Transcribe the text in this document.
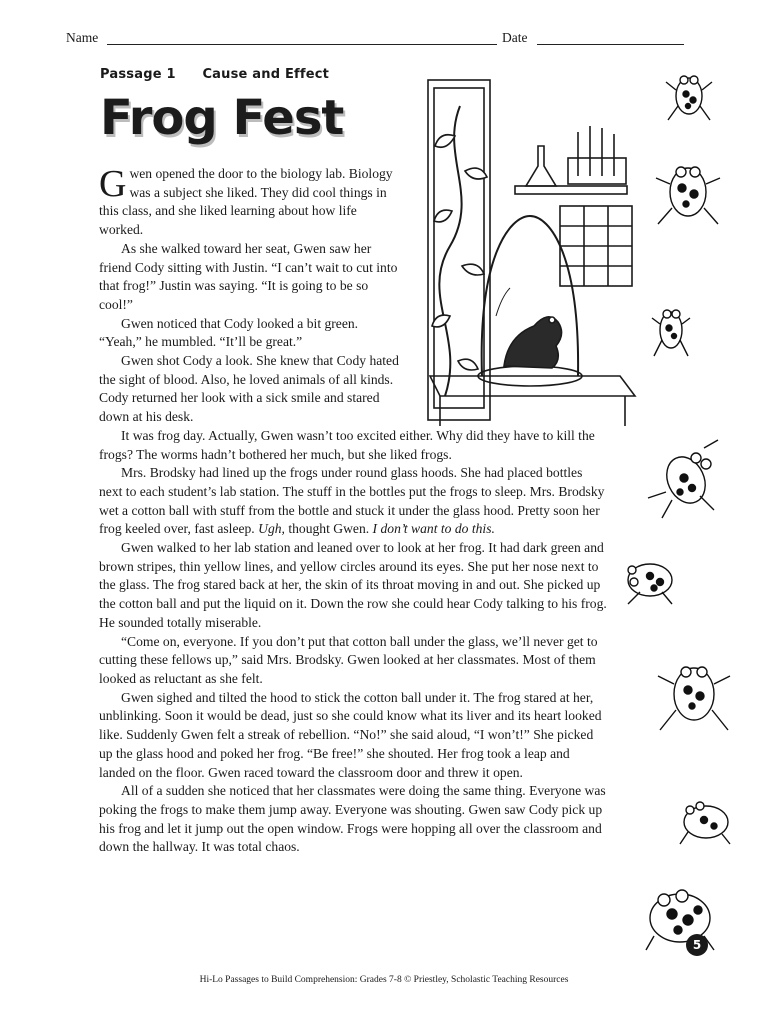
Name	Date
Passage 1 Cause and Effect
Frog Fest

Gwen opened the door to the biology lab. Biology was a subject she liked. They did cool things in this class, and she liked learning about how life worked.

As she walked toward her seat, Gwen saw her friend Cody sitting with Justin. “I can’t wait to cut into that frog!” Justin was saying. “It is going to be so cool!”

Gwen noticed that Cody looked a bit green. “Yeah,” he mumbled. “It’ll be great.”

Gwen shot Cody a look. She knew that Cody hated the sight of blood. Also, he loved animals of all kinds. Cody returned her look with a sick smile and stared down at his desk.

It was frog day. Actually, Gwen wasn’t too excited either. Why did they have to kill the frogs? The worms hadn’t bothered her much, but she liked frogs.

Mrs. Brodsky had lined up the frogs under round glass hoods. She had placed bottles next to each student’s lab station. The stuff in the bottles put the frogs to sleep. Mrs. Brodsky wet a cotton ball with stuff from the bottle and stuck it under the glass hood. Pretty soon her frog keeled over, fast asleep. Ugh, thought Gwen. I don’t want to do this.

Gwen walked to her lab station and leaned over to look at her frog. It had dark green and brown stripes, thin yellow lines, and yellow circles around its eyes. She put her nose next to the glass. The frog stared back at her, the skin of its throat moving in and out. She picked up the cotton ball and put the liquid on it. Down the row she could hear Cody talking to his frog. He sounded totally miserable.

“Come on, everyone. If you don’t put that cotton ball under the glass, we’ll never get to cutting these fellows up,” said Mrs. Brodsky. Gwen looked at her classmates. Most of them looked as reluctant as she felt.

Gwen sighed and tilted the hood to stick the cotton ball under it. The frog stared at her, unblinking. Soon it would be dead, just so she could know what its liver and its heart looked like. Suddenly Gwen felt a streak of rebellion. “No!” she said aloud, “I won’t!” She picked up the glass hood and poked her frog. “Be free!” she shouted. Her frog took a leap and landed on the floor. Gwen raced toward the classroom door and threw it open.

All of a sudden she noticed that her classmates were doing the same thing. Everyone was poking the frogs to make them jump away. Everyone was shouting. Gwen saw Cody pick up his frog and let it jump out the open window. Frogs were hopping all over the classroom and down the hallway. It was total chaos.

5
Hi-Lo Passages to Build Comprehension: Grades 7-8 © Priestley, Scholastic Teaching Resources
